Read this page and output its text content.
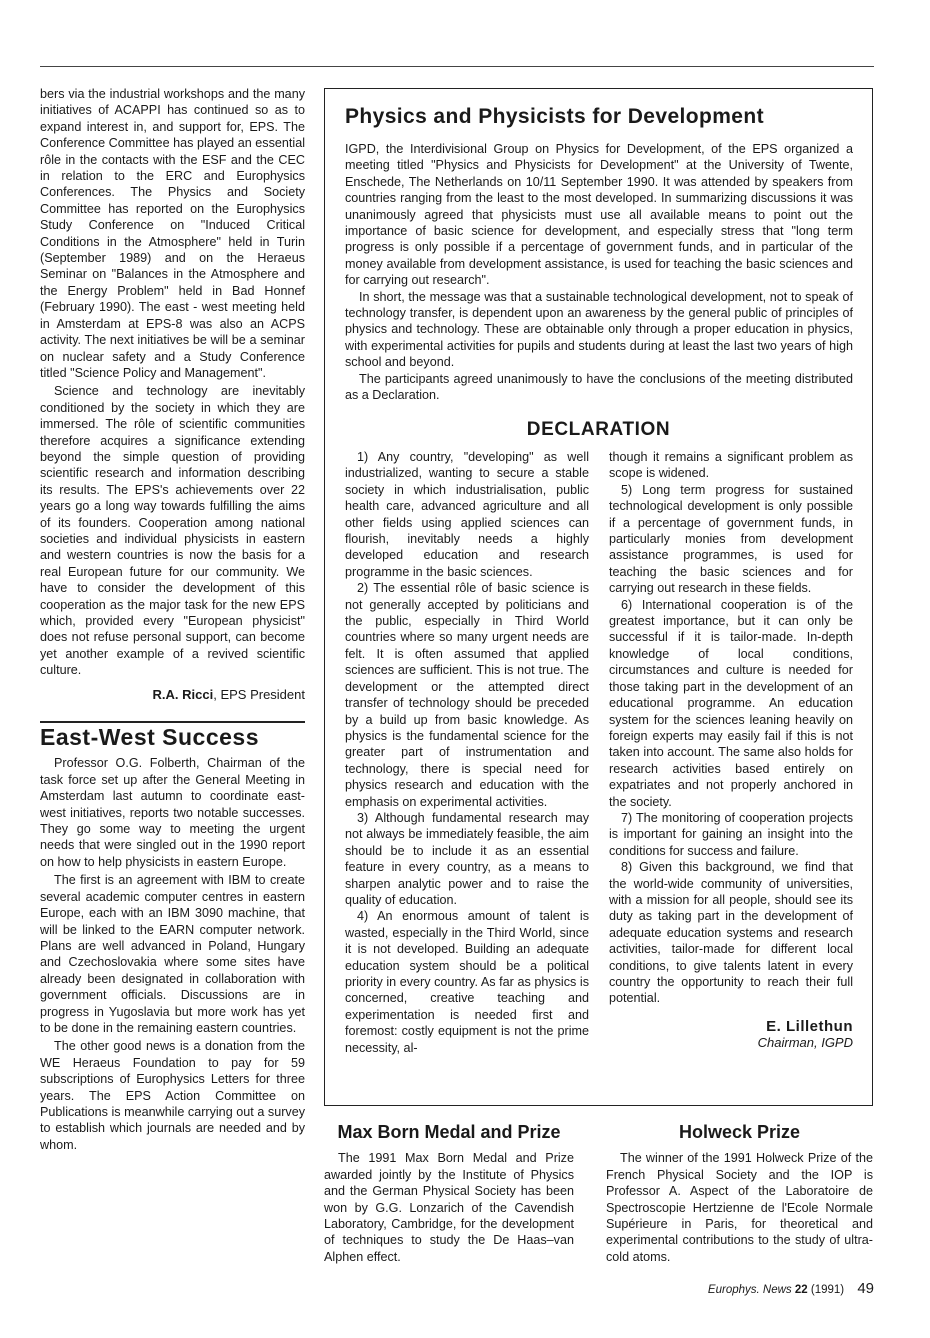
bers via the industrial workshops and the many initiatives of ACAPPI has continued so as to expand interest in, and support for, EPS. The Conference Committee has played an essential rôle in the contacts with the ESF and the CEC in relation to the ERC and Europhysics Conferences. The Physics and Society Committee has reported on the Europhysics Study Conference on "Induced Critical Conditions in the Atmosphere" held in Turin (September 1989) and on the Heraeus Seminar on "Balances in the Atmosphere and the Energy Problem" held in Bad Honnef (February 1990). The east - west meeting held in Amsterdam at EPS-8 was also an ACPS activity. The next initiatives be will be a seminar on nuclear safety and a Study Conference titled "Science Policy and Management".

Science and technology are inevitably conditioned by the society in which they are immersed. The rôle of scientific communities therefore acquires a significance extending beyond the simple question of providing scientific research and information describing its results. The EPS's achievements over 22 years go a long way towards fulfilling the aims of its founders. Cooperation among national societies and individual physicists in eastern and western countries is now the basis for a real European future for our community. We have to consider the development of this cooperation as the major task for the new EPS which, provided every "European physicist" does not refuse personal support, can become yet another example of a revived scientific culture.

R.A. Ricci, EPS President
East-West Success

Professor O.G. Folberth, Chairman of the task force set up after the General Meeting in Amsterdam last autumn to coordinate east-west initiatives, reports two notable successes. They go some way to meeting the urgent needs that were singled out in the 1990 report on how to help physicists in eastern Europe.

The first is an agreement with IBM to create several academic computer centres in eastern Europe, each with an IBM 3090 machine, that will be linked to the EARN computer network. Plans are well advanced in Poland, Hungary and Czechoslovakia where some sites have already been designated in collaboration with government officials. Discussions are in progress in Yugoslavia but more work has yet to be done in the remaining eastern countries.

The other good news is a donation from the WE Heraeus Foundation to pay for 59 subscriptions of Europhysics Letters for three years. The EPS Action Committee on Publications is meanwhile carrying out a survey to establish which journals are needed and by whom.

Physics and Physicists for Development

IGPD, the Interdivisional Group on Physics for Development, of the EPS organized a meeting titled "Physics and Physicists for Development" at the University of Twente, Enschede, The Netherlands on 10/11 September 1990. It was attended by speakers from countries ranging from the least to the most developed. In summarizing discussions it was unanimously agreed that physicists must use all available means to point out the importance of basic science for development, and especially stress that "long term progress is only possible if a percentage of government funds, and in particular of the money available from development assistance, is used for teaching the basic sciences and for carrying out research".

In short, the message was that a sustainable technological development, not to speak of technology transfer, is dependent upon an awareness by the general public of principles of physics and technology. These are obtainable only through a proper education in physics, with experimental activities for pupils and students during at least the last two years of high school and beyond.

The participants agreed unanimously to have the conclusions of the meeting distributed as a Declaration.

DECLARATION

1) Any country, "developing" as well industrialized, wanting to secure a stable society in which industrialisation, public health care, advanced agriculture and all other fields using applied sciences can flourish, inevitably needs a highly developed education and research programme in the basic sciences.

2) The essential rôle of basic science is not generally accepted by politicians and the public, especially in Third World countries where so many urgent needs are felt. It is often assumed that applied sciences are sufficient. This is not true. The development or the attempted direct transfer of technology should be preceded by a build up from basic knowledge. As physics is the fundamental science for the greater part of instrumentation and technology, there is special need for physics research and education with the emphasis on experimental activities.

3) Although fundamental research may not always be immediately feasible, the aim should be to include it as an essential feature in every country, as a means to sharpen analytic power and to raise the quality of education.

4) An enormous amount of talent is wasted, especially in the Third World, since it is not developed. Building an adequate education system should be a political priority in every country. As far as physics is concerned, creative teaching and experimentation is needed first and foremost: costly equipment is not the prime necessity, al-

though it remains a significant problem as scope is widened.

5) Long term progress for sustained technological development is only possible if a percentage of government funds, in particularly monies from development assistance programmes, is used for teaching the basic sciences and for carrying out research in these fields.

6) International cooperation is of the greatest importance, but it can only be successful if it is tailor-made. In-depth knowledge of local conditions, circumstances and culture is needed for those taking part in the development of an educational programme. An education system for the sciences leaning heavily on foreign experts may easily fail if this is not taken into account. The same also holds for research activities based entirely on expatriates and not properly anchored in the society.

7) The monitoring of cooperation projects is important for gaining an insight into the conditions for success and failure.

8) Given this background, we find that the world-wide community of universities, with a mission for all people, should see its duty as taking part in the development of adequate education systems and research activities, tailor-made for different local conditions, to give talents latent in every country the opportunity to reach their full potential.

E. Lillethun
Chairman, IGPD
Max Born Medal and Prize

The 1991 Max Born Medal and Prize awarded jointly by the Institute of Physics and the German Physical Society has been won by G.G. Lonzarich of the Cavendish Laboratory, Cambridge, for the development of techniques to study the De Haas–van Alphen effect.

Holweck Prize

The winner of the 1991 Holweck Prize of the French Physical Society and the IOP is Professor A. Aspect of the Laboratoire de Spectroscopie Hertzienne de l'Ecole Normale Supérieure in Paris, for theoretical and experimental contributions to the study of ultra-cold atoms.

Europhys. News 22 (1991) 49
